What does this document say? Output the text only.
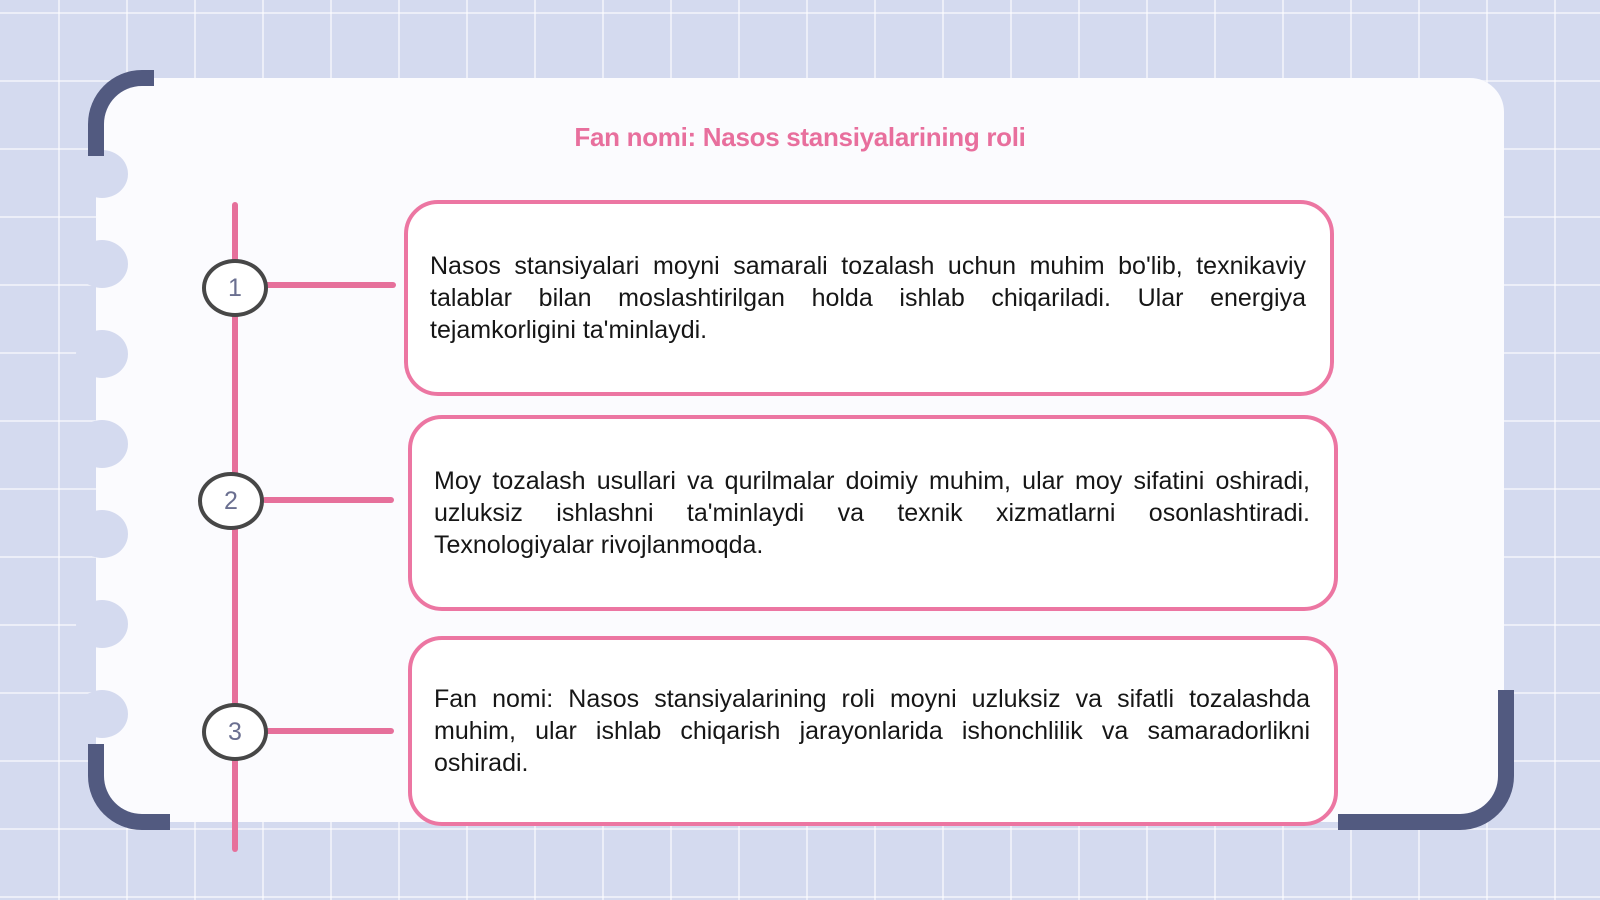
Fan nomi: Nasos stansiyalarining roli
1

Nasos stansiyalari moyni samarali tozalash uchun muhim bo'lib, texnikaviy talablar bilan moslashtirilgan holda ishlab chiqariladi. Ular energiya tejamkorligini ta'minlaydi.

2

Moy tozalash usullari va qurilmalar doimiy muhim, ular moy sifatini oshiradi, uzluksiz ishlashni ta'minlaydi va texnik xizmatlarni osonlashtiradi. Texnologiyalar rivojlanmoqda.

3

Fan nomi: Nasos stansiyalarining roli moyni uzluksiz va sifatli tozalashda muhim, ular ishlab chiqarish jarayonlarida ishonchlilik va samaradorlikni oshiradi.
